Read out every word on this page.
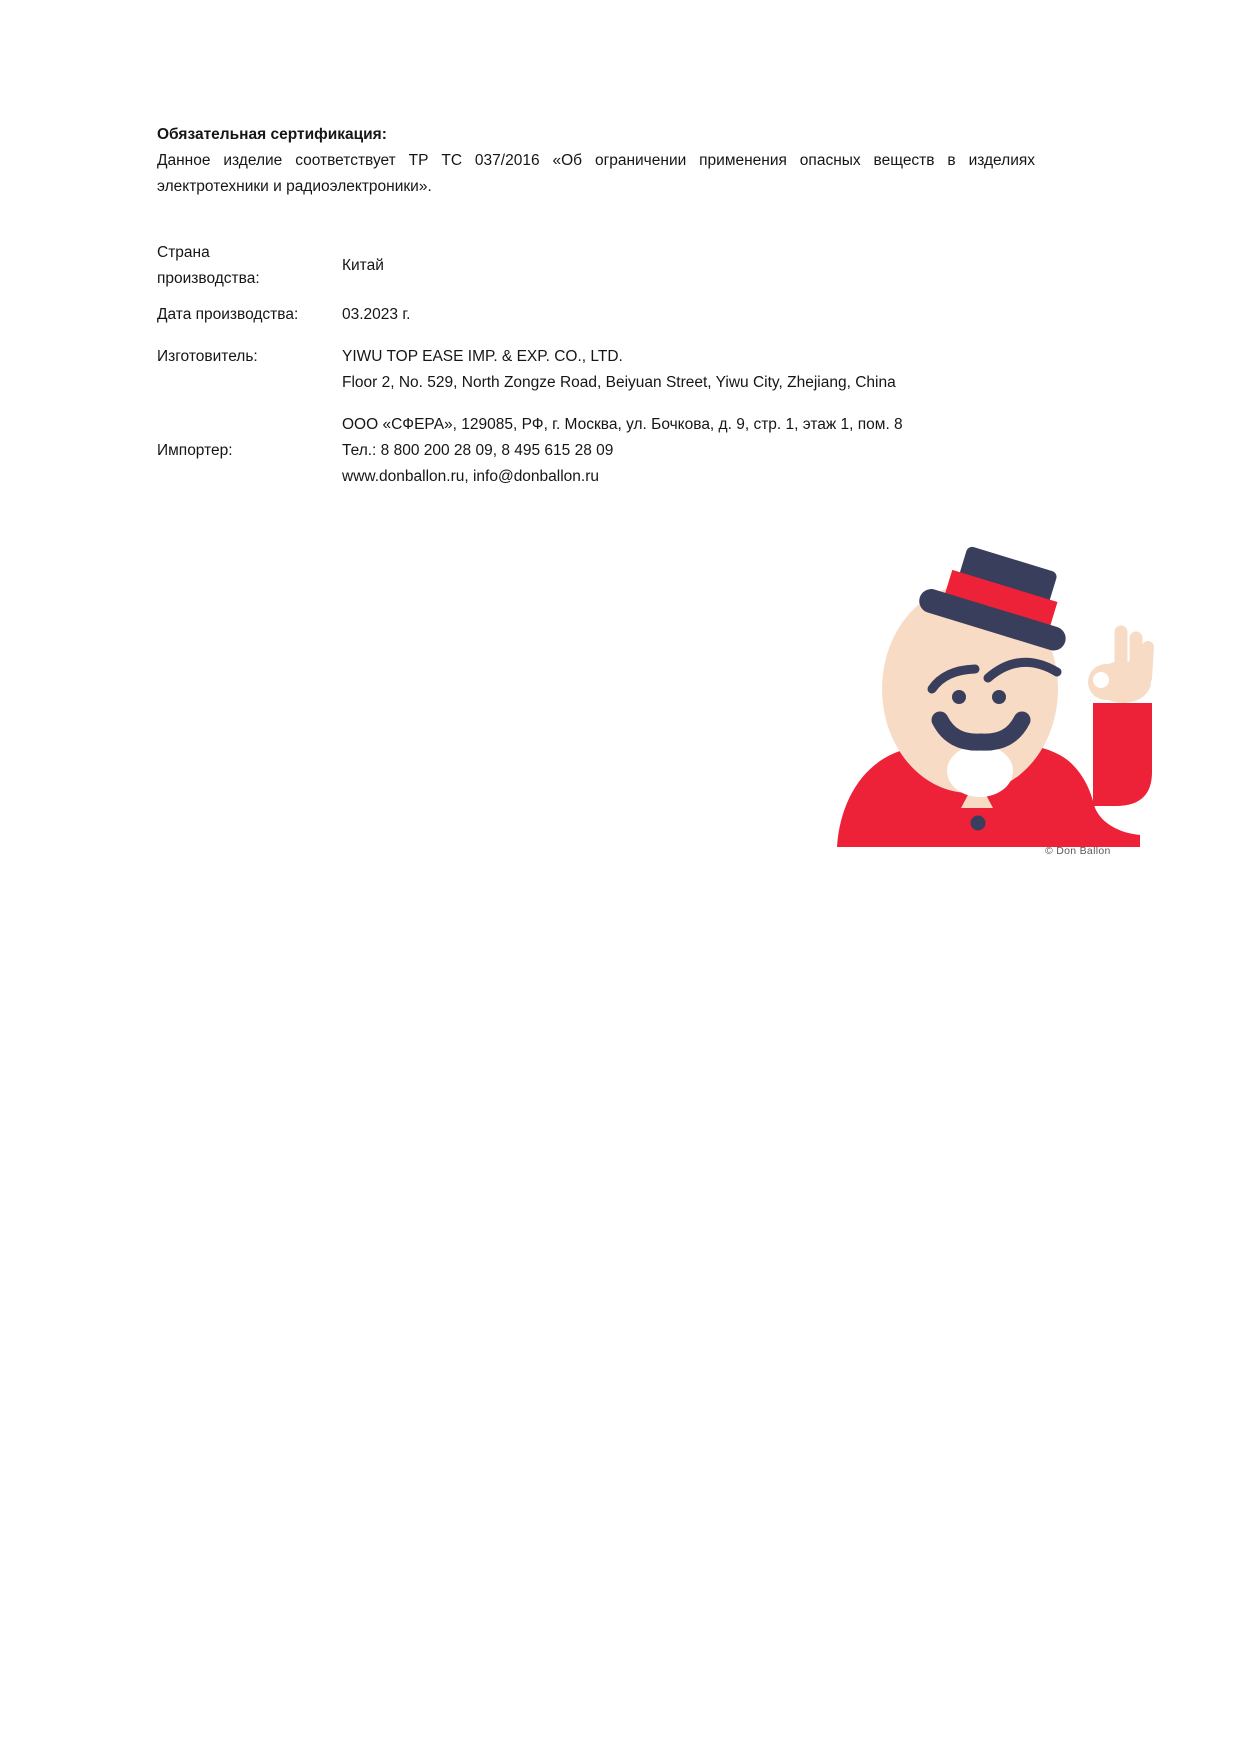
Обязательная сертификация:

Данное изделие соответствует ТР ТС 037/2016 «Об ограничении применения опасных веществ в изделиях электротехники и радиоэлектроники».

Страна производства:
Китай
Дата производства:	03.2023 г.
Изготовитель:	YIWU TOP EASE IMP. & EXP. CO., LTD.
Floor 2, No. 529, North Zongze Road, Beiyuan Street, Yiwu City, Zhejiang, China
Импортер:
ООО «СФЕРА», 129085, РФ, г. Москва, ул. Бочкова, д. 9, стр. 1, этаж 1, пом. 8
Тел.: 8 800 200 28 09, 8 495 615 28 09
www.donballon.ru, info@donballon.ru
© Don Ballon
